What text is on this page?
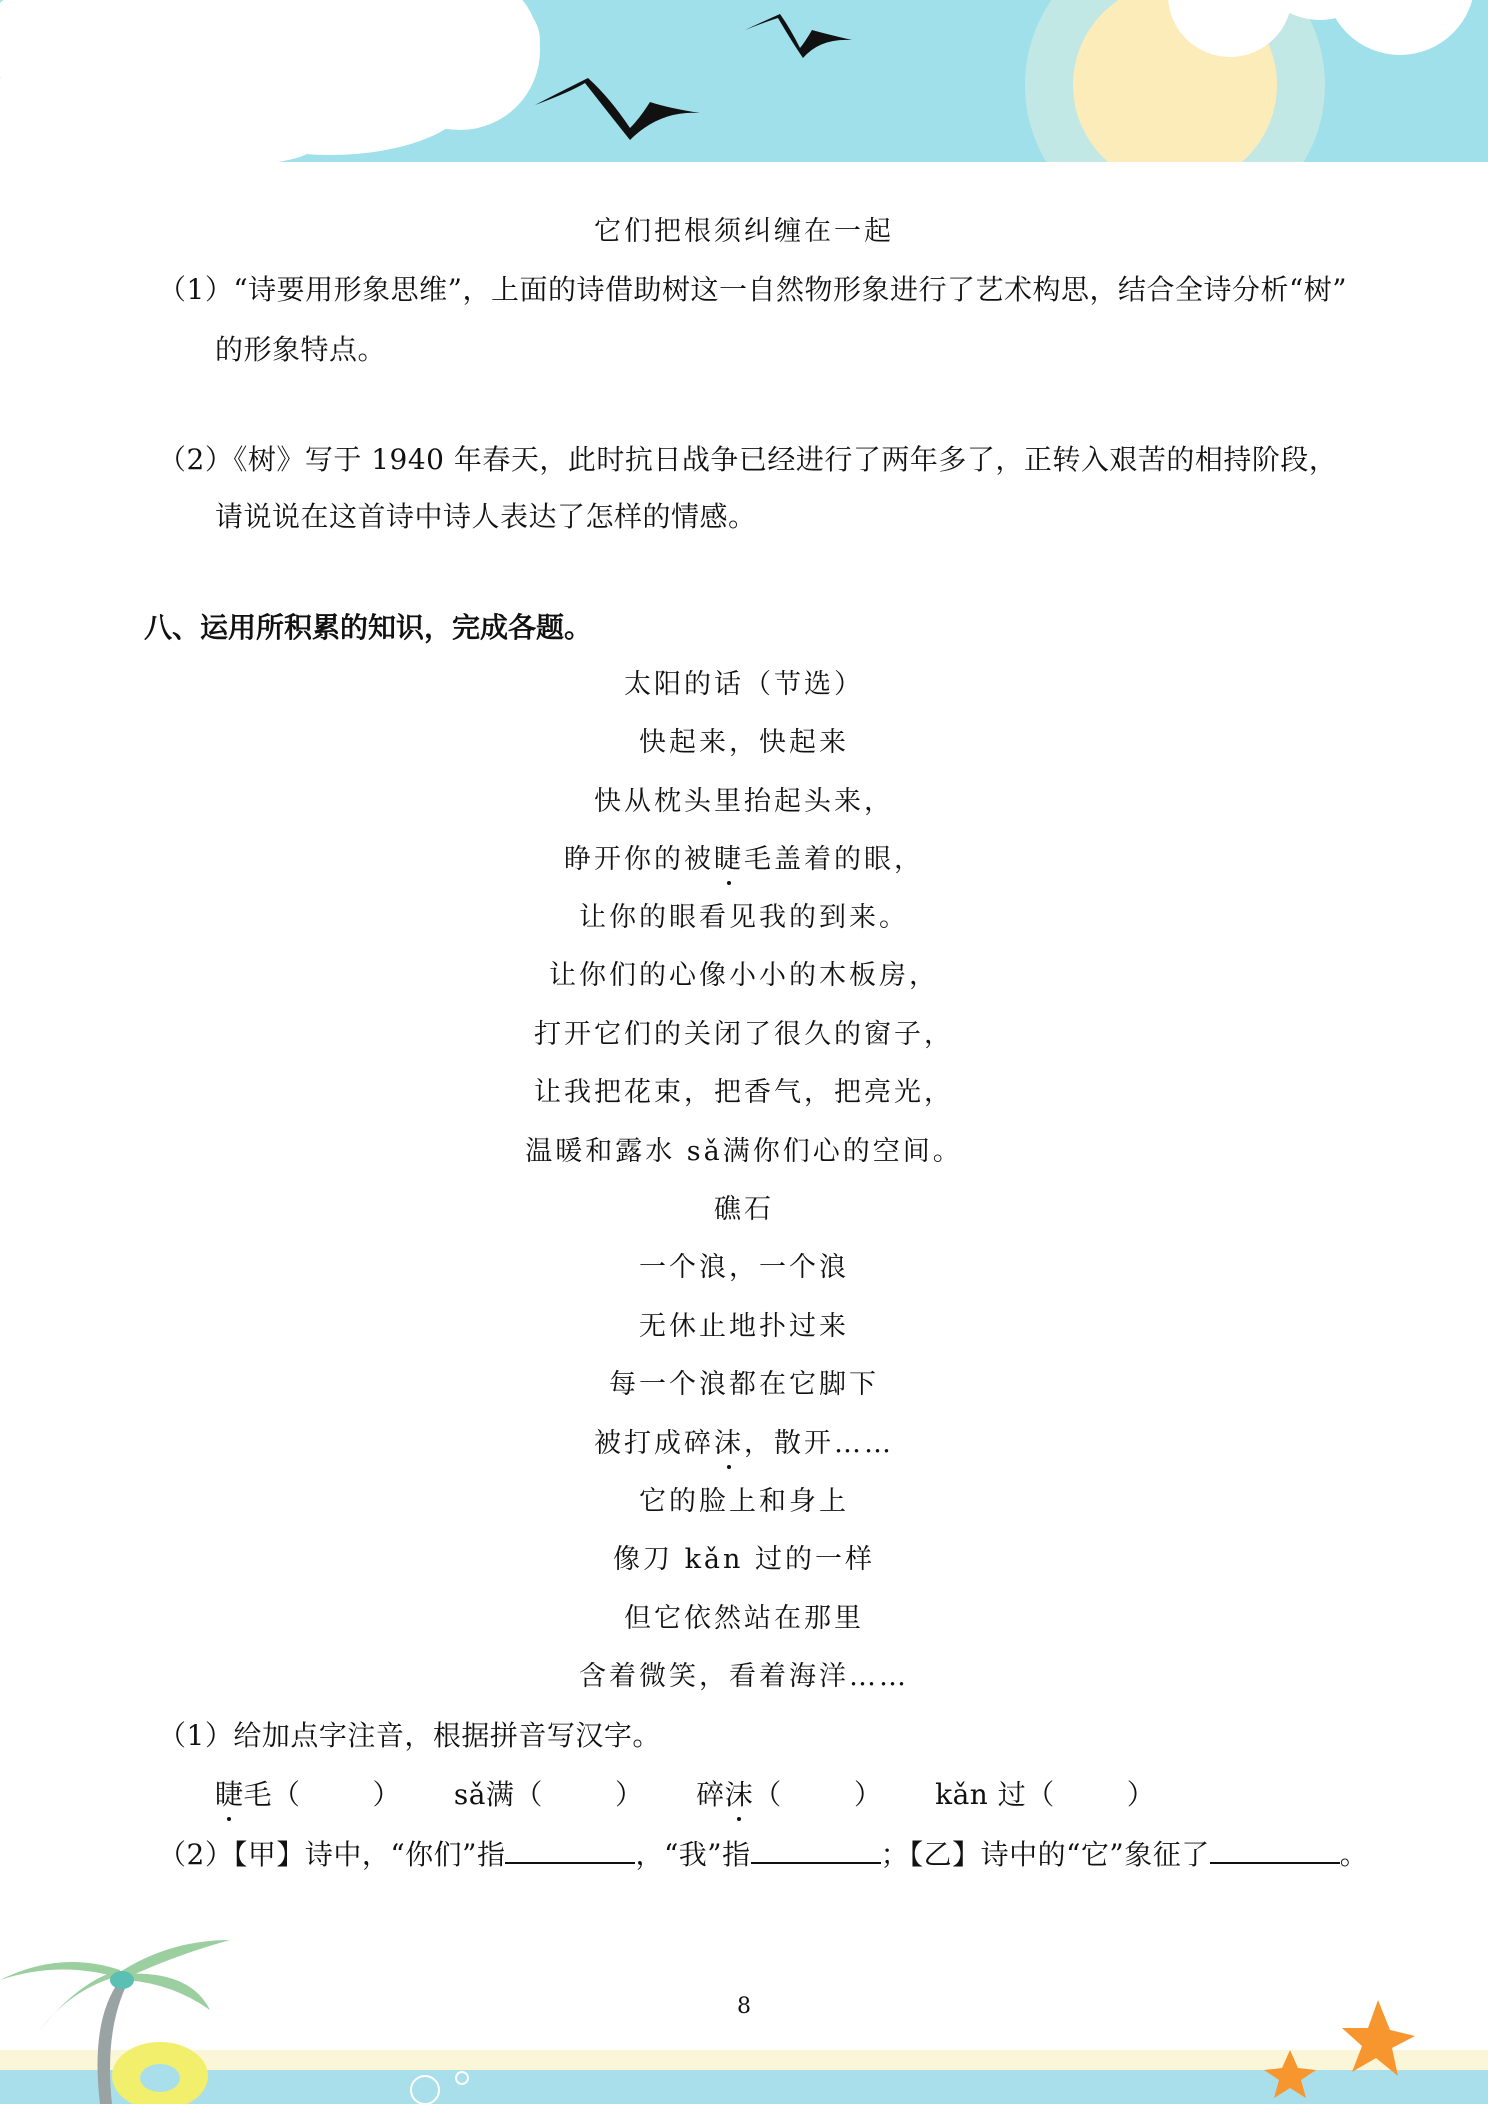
它们把根须纠缠在一起
（1）“诗要用形象思维”，上面的诗借助树这一自然物形象进行了艺术构思，结合全诗分析“树”
的形象特点。
（2）《树》写于 1940 年春天，此时抗日战争已经进行了两年多了，正转入艰苦的相持阶段，
请说说在这首诗中诗人表达了怎样的情感。
八、运用所积累的知识，完成各题。
太阳的话（节选）
快起来，快起来
快从枕头里抬起头来，
睁开你的被睫毛盖着的眼，
让你的眼看见我的到来。
让你们的心像小小的木板房，
打开它们的关闭了很久的窗子，
让我把花束，把香气，把亮光，
温暖和露水 sǎ满你们心的空间。
礁石
一个浪，一个浪
无休止地扑过来
每一个浪都在它脚下
被打成碎沫，散开……
它的脸上和身上
像刀 kǎn 过的一样
但它依然站在那里
含着微笑，看着海洋……
（1）给加点字注音，根据拼音写汉字。
睫毛（	） sǎ满（	） 碎沫（	） kǎn 过（	）
（2）【甲】诗中，“你们”指	，“我”指	；【乙】诗中的“它”象征了	。
8
